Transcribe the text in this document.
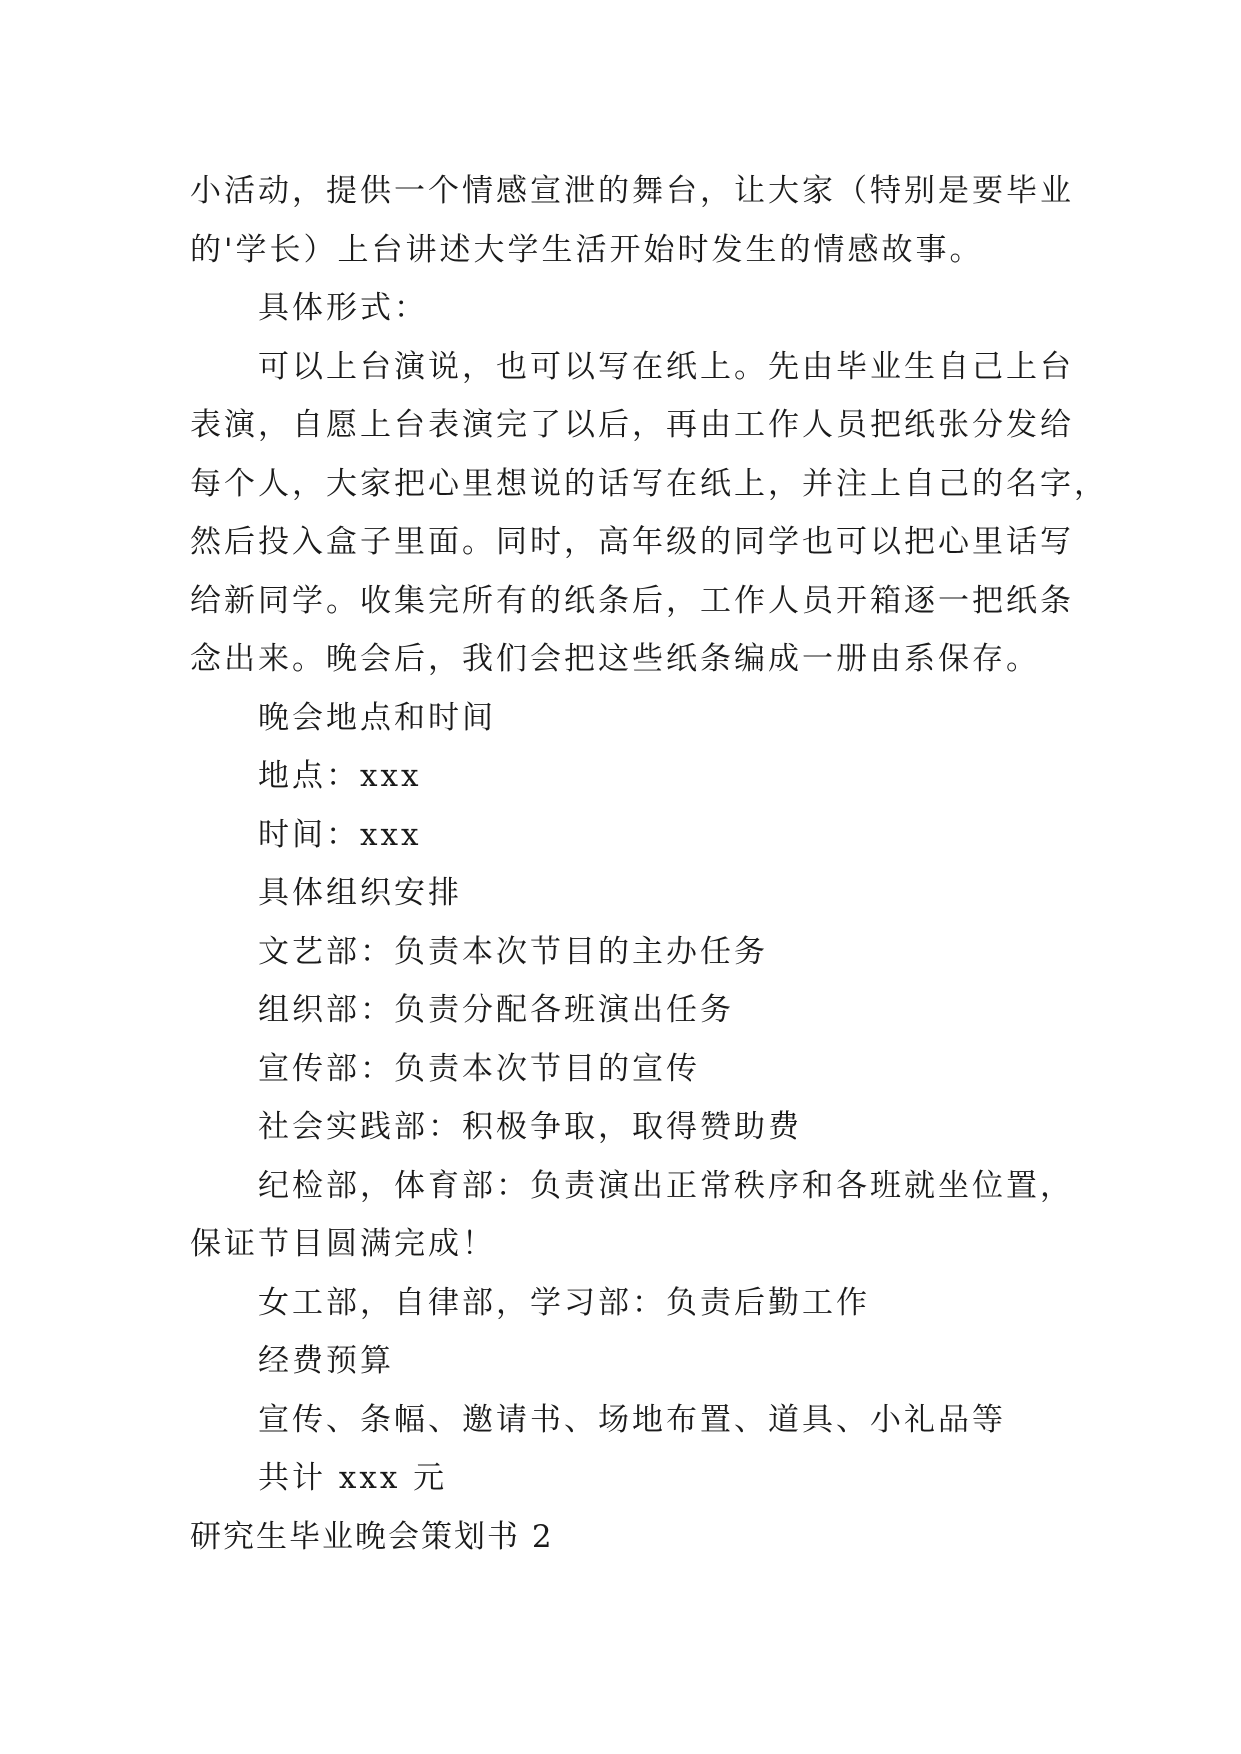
小活动，提供一个情感宣泄的舞台，让大家（特别是要毕业

的'学长）上台讲述大学生活开始时发生的情感故事。

具体形式：

可以上台演说，也可以写在纸上。先由毕业生自己上台

表演，自愿上台表演完了以后，再由工作人员把纸张分发给

每个人，大家把心里想说的话写在纸上，并注上自己的名字，

然后投入盒子里面。同时，高年级的同学也可以把心里话写

给新同学。收集完所有的纸条后，工作人员开箱逐一把纸条

念出来。晚会后，我们会把这些纸条编成一册由系保存。

晚会地点和时间

地点：xxx

时间：xxx

具体组织安排

文艺部：负责本次节目的主办任务

组织部：负责分配各班演出任务

宣传部：负责本次节目的宣传

社会实践部：积极争取，取得赞助费

纪检部，体育部：负责演出正常秩序和各班就坐位置，

保证节目圆满完成！

女工部，自律部，学习部：负责后勤工作

经费预算

宣传、条幅、邀请书、场地布置、道具、小礼品等

共计 xxx 元

研究生毕业晚会策划书 2
